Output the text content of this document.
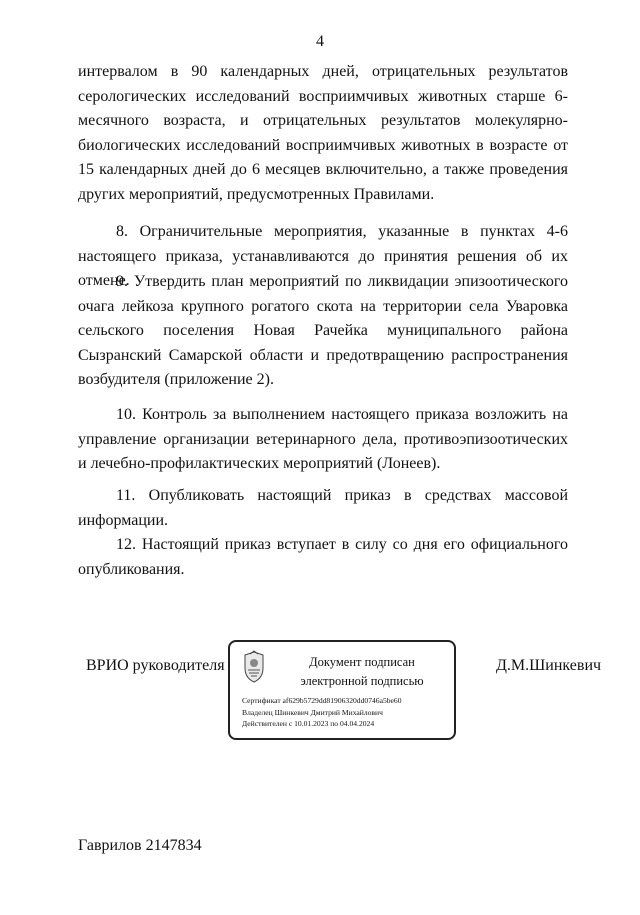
4
интервалом в 90 календарных дней, отрицательных результатов серологических исследований восприимчивых животных старше 6-месячного возраста, и отрицательных результатов молекулярно-биологических исследований восприимчивых животных в возрасте от 15 календарных дней до 6 месяцев включительно, а также проведения других мероприятий, предусмотренных Правилами.
8. Ограничительные мероприятия, указанные в пунктах 4-6 настоящего приказа, устанавливаются до принятия решения об их отмене.
9. Утвердить план мероприятий по ликвидации эпизоотического очага лейкоза крупного рогатого скота на территории села Уваровка сельского поселения Новая Рачейка муниципального района Сызранский Самарской области и предотвращению распространения возбудителя (приложение 2).
10. Контроль за выполнением настоящего приказа возложить на управление организации ветеринарного дела, противоэпизоотических и лечебно-профилактических мероприятий (Лонеев).
11. Опубликовать настоящий приказ в средствах массовой информации.
12. Настоящий приказ вступает в силу со дня его официального опубликования.
ВРИО руководителя	Документ подписан
электронной подписью
Сертификат af629b5729dd81906320dd0746a5be60
Владелец Шинкевич Дмитрий Михайлович
Действителен с 10.01.2023 по 04.04.2024
Д.М.Шинкевич
Гаврилов 2147834
